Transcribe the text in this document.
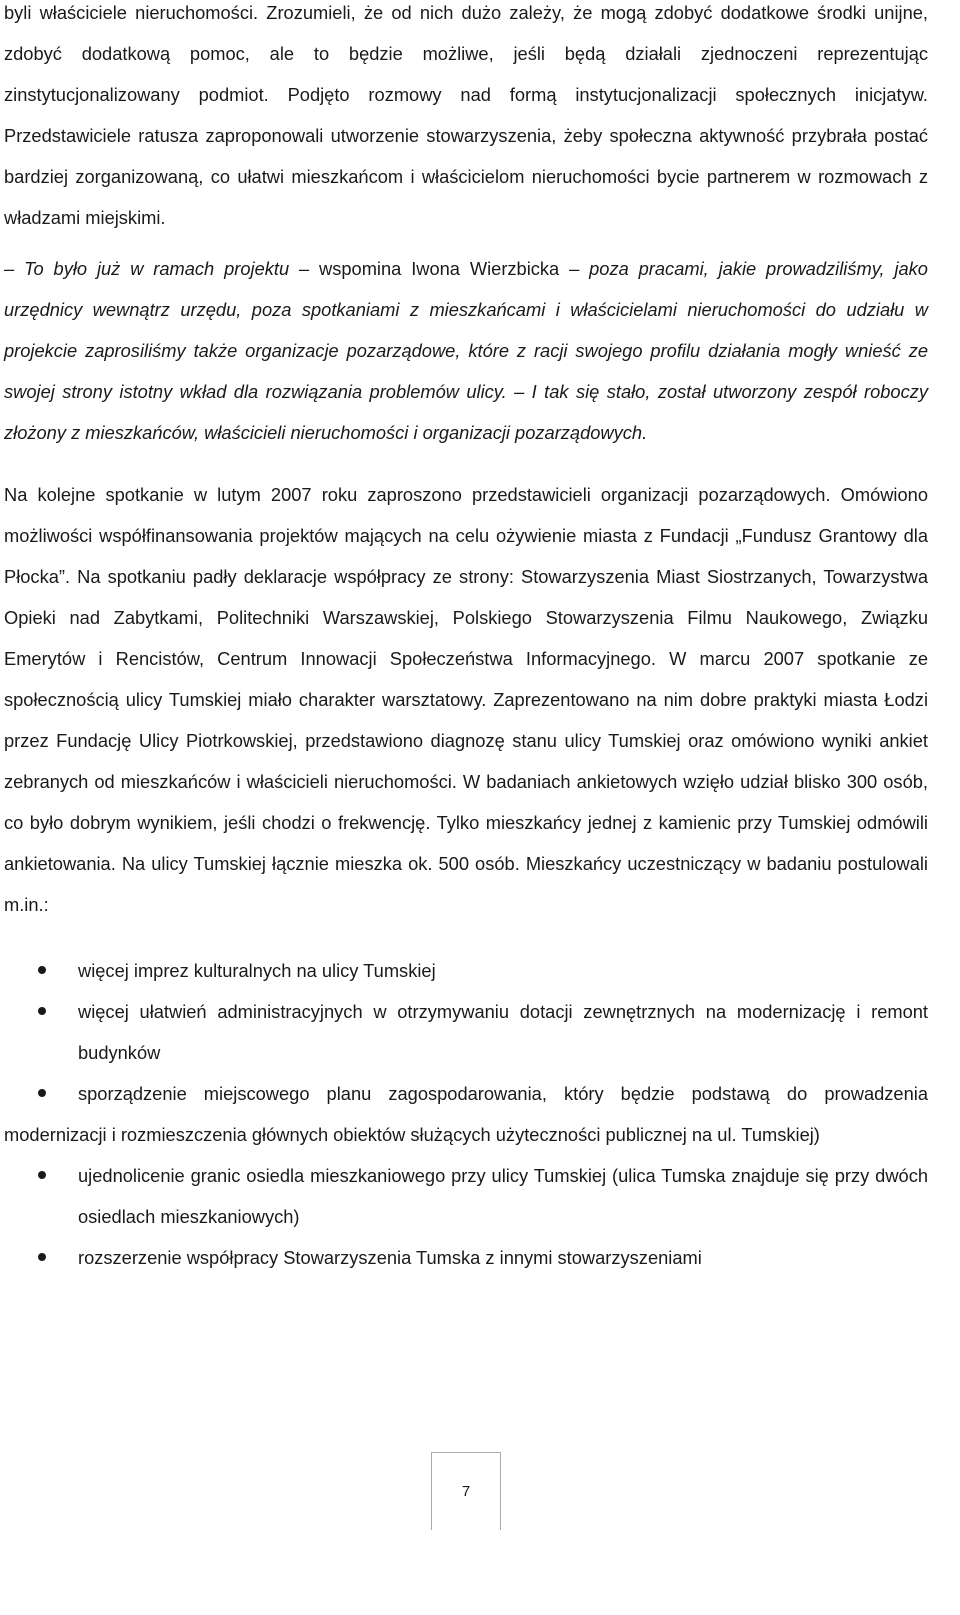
byli właściciele nieruchomości. Zrozumieli, że od nich dużo zależy, że mogą zdobyć dodatkowe środki unijne, zdobyć dodatkową pomoc, ale to będzie możliwe, jeśli będą działali zjednoczeni reprezentując zinstytucjonalizowany podmiot. Podjęto rozmowy nad formą instytucjonalizacji społecznych inicjatyw. Przedstawiciele ratusza zaproponowali utworzenie stowarzyszenia, żeby społeczna aktywność przybrała postać bardziej zorganizowaną, co ułatwi mieszkańcom i właścicielom nieruchomości bycie partnerem w rozmowach z władzami miejskimi.

– To było już w ramach projektu – wspomina Iwona Wierzbicka – poza pracami, jakie prowadziliśmy, jako urzędnicy wewnątrz urzędu, poza spotkaniami z mieszkańcami i właścicielami nieruchomości do udziału w projekcie zaprosiliśmy także organizacje pozarządowe, które z racji swojego profilu działania mogły wnieść ze swojej strony istotny wkład dla rozwiązania problemów ulicy. – I tak się stało, został utworzony zespół roboczy złożony z mieszkańców, właścicieli nieruchomości i organizacji pozarządowych.

Na kolejne spotkanie w lutym 2007 roku zaproszono przedstawicieli organizacji pozarządowych. Omówiono możliwości współfinansowania projektów mających na celu ożywienie miasta z Fundacji „Fundusz Grantowy dla Płocka”. Na spotkaniu padły deklaracje współpracy ze strony: Stowarzyszenia Miast Siostrzanych, Towarzystwa Opieki nad Zabytkami, Politechniki Warszawskiej, Polskiego Stowarzyszenia Filmu Naukowego, Związku Emerytów i Rencistów, Centrum Innowacji Społeczeństwa Informacyjnego. W marcu 2007 spotkanie ze społecznością ulicy Tumskiej miało charakter warsztatowy. Zaprezentowano na nim dobre praktyki miasta Łodzi przez Fundację Ulicy Piotrkowskiej, przedstawiono diagnozę stanu ulicy Tumskiej oraz omówiono wyniki ankiet zebranych od mieszkańców i właścicieli nieruchomości. W badaniach ankietowych wzięło udział blisko 300 osób, co było dobrym wynikiem, jeśli chodzi o frekwencję. Tylko mieszkańcy jednej z kamienic przy Tumskiej odmówili ankietowania. Na ulicy Tumskiej łącznie mieszka ok. 500 osób. Mieszkańcy uczestniczący w badaniu postulowali m.in.:

więcej imprez kulturalnych na ulicy Tumskiej
więcej ułatwień administracyjnych w otrzymywaniu dotacji zewnętrznych na modernizację i remont budynków
sporządzenie miejscowego planu zagospodarowania, który będzie podstawą do prowadzenia modernizacji i rozmieszczenia głównych obiektów służących użyteczności publicznej na ul. Tumskiej)
ujednolicenie granic osiedla mieszkaniowego przy ulicy Tumskiej (ulica Tumska znajduje się przy dwóch osiedlach mieszkaniowych)
rozszerzenie współpracy Stowarzyszenia Tumska z innymi stowarzyszeniami
7
